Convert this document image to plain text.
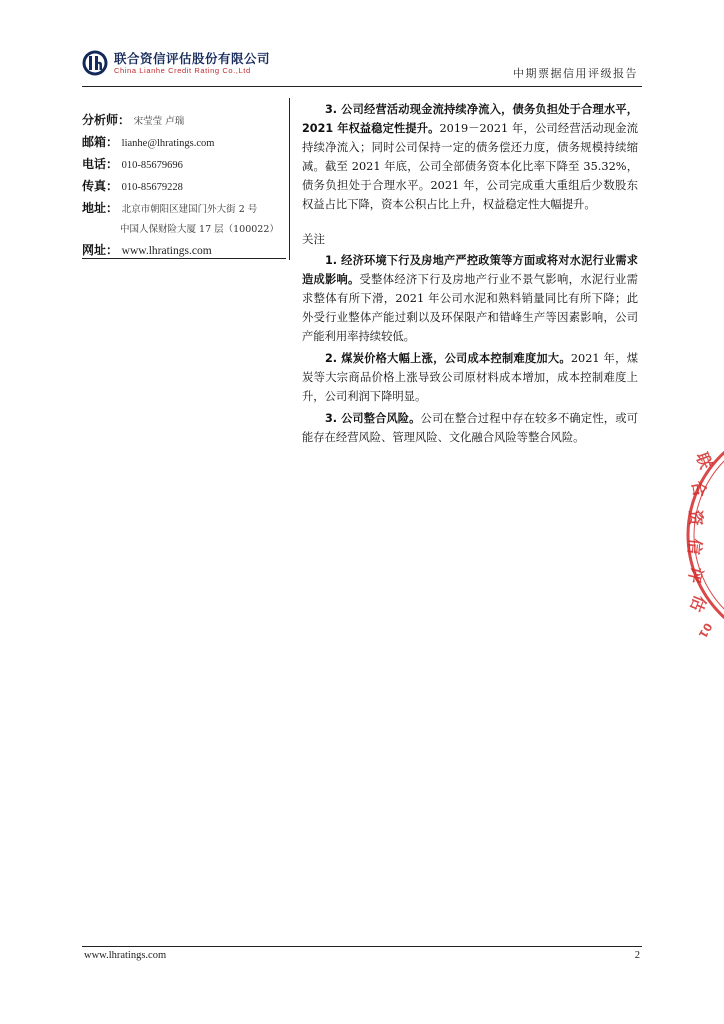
联合资信评估股份有限公司
China Lianhe Credit Rating Co.,Ltd	中期票据信用评级报告
分析师： 宋莹莹 卢瑞
邮箱： lianhe@lhratings.com
电话： 010-85679696
传真： 010-85679228
地址： 北京市朝阳区建国门外大街 2 号
中国人保财险大厦 17 层（100022）
网址： www.lhratings.com

3. 公司经营活动现金流持续净流入，债务负担处于合理水平，2021 年权益稳定性提升。2019－2021 年，公司经营活动现金流持续净流入；同时公司保持一定的债务偿还力度，债务规模持续缩减。截至 2021 年底，公司全部债务资本化比率下降至 35.32%，债务负担处于合理水平。2021 年，公司完成重大重组后少数股东权益占比下降，资本公积占比上升，权益稳定性大幅提升。

关注

1. 经济环境下行及房地产严控政策等方面或将对水泥行业需求造成影响。受整体经济下行及房地产行业不景气影响，水泥行业需求整体有所下滑，2021 年公司水泥和熟料销量同比有所下降；此外受行业整体产能过剩以及环保限产和错峰生产等因素影响，公司产能利用率持续较低。

2. 煤炭价格大幅上涨，公司成本控制难度加大。2021 年，煤炭等大宗商品价格上涨导致公司原材料成本增加，成本控制难度上升，公司利润下降明显。

3. 公司整合风险。公司在整合过程中存在较多不确定性，或可能存在经营风险、管理风险、文化融合风险等整合风险。

联
合
资
信
评
估
01
www.lhratings.com	2
